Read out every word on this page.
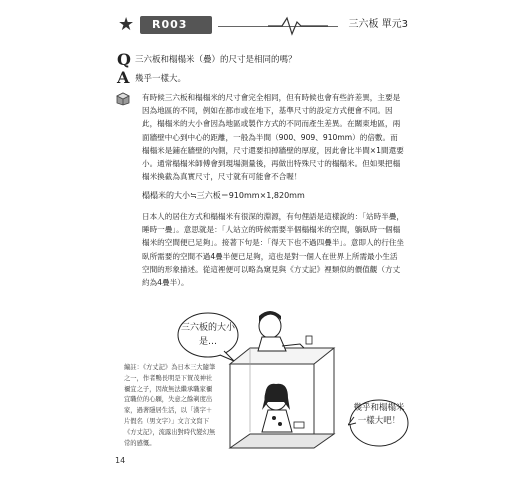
★ R003	三六板 單元3
Q 三六板和榻榻米（疊）的尺寸是相同的嗎？
A 幾乎一樣大。
有時候三六板和榻榻米的尺寸會完全相同，但有時候也會有些許差異，主要是因為地區的不同，例如在都市或在地下，基準尺寸的設定方式便會不同。因此，榻榻米的大小會因為地區或製作方式的不同而產生差異。在關東地區，兩面牆壁中心到中心的距離，一般為半間（900、909、910mm）的倍數。而榻榻米是鋪在牆壁的內側，尺寸還要扣掉牆壁的厚度，因此會比半間×1間還要小。通常榻榻米師傅會到現場測量後，再做出特殊尺寸的榻榻米。但如果把榻榻米換截為真實尺寸，尺寸就有可能會不合喔！
榻榻米的大小≒三六板＝910mm×1,820mm
日本人的居住方式和榻榻米有很深的淵源，有句俚語是這樣說的：「站時半疊，睡時一疊」。意思就是：「人站立的時候需要半個榻榻米的空間，躺臥時一個榻榻米的空間便已足夠」。接著下句是：「得天下也不過四疊半」。意即人的行住坐臥所需要的空間不過4疊半便已足夠，這也是對一個人在世界上所需最小生活空間的形象描述。從這裡便可以略為窺見與《方丈記》裡類似的價值觀（方丈約為4疊半）。
三六板的大小是…
幾乎和榻榻米一樣大吧！
編註：《方丈記》為日本三大隨筆之一，作者鴨長明是下賀茂神社禰宜之子，因故無法繼承職家禰宜職位的心願，失意之餘剃度出家，過著隱居生活，以「漢字＋片假名（男文字）」文言文寫下《方丈記》，流露出對時代變幻無常的感慨。
14
